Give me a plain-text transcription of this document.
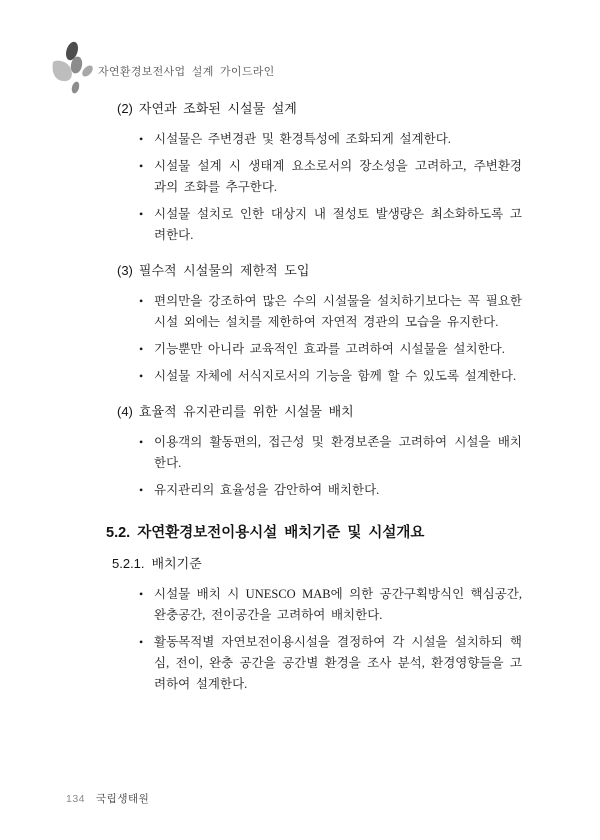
자연환경보전사업 설계 가이드라인
(2) 자연과 조화된 시설물 설계
• 시설물은 주변경관 및 환경특성에 조화되게 설계한다.
• 시설물 설계 시 생태계 요소로서의 장소성을 고려하고, 주변환경과의 조화를 추구한다.
• 시설물 설치로 인한 대상지 내 절성토 발생량은 최소화하도록 고려한다.
(3) 필수적 시설물의 제한적 도입
• 편의만을 강조하여 많은 수의 시설물을 설치하기보다는 꼭 필요한 시설 외에는 설치를 제한하여 자연적 경관의 모습을 유지한다.
• 기능뿐만 아니라 교육적인 효과를 고려하여 시설물을 설치한다.
• 시설물 자체에 서식지로서의 기능을 함께 할 수 있도록 설계한다.
(4) 효율적 유지관리를 위한 시설물 배치
• 이용객의 활동편의, 접근성 및 환경보존을 고려하여 시설을 배치한다.
• 유지관리의 효율성을 감안하여 배치한다.
5.2. 자연환경보전이용시설 배치기준 및 시설개요
5.2.1. 배치기준
• 시설물 배치 시 UNESCO MAB에 의한 공간구획방식인 핵심공간, 완충공간, 전이공간을 고려하여 배치한다.
• 활동목적별 자연보전이용시설을 결정하여 각 시설을 설치하되 핵심, 전이, 완충 공간을 공간별 환경을 조사 분석, 환경영향들을 고려하여 설계한다.
134 국립생태원
